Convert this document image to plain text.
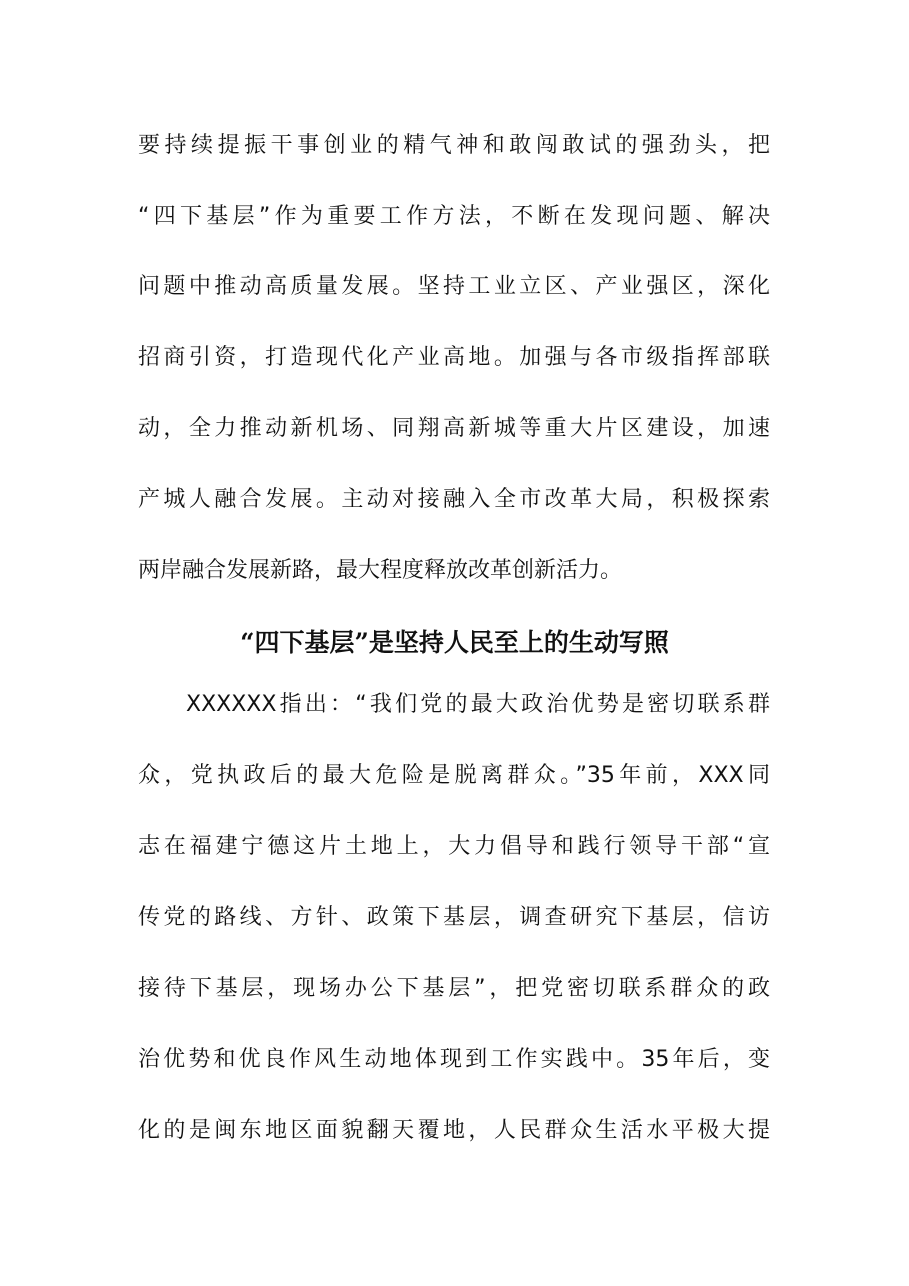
要持续提振干事创业的精气神和敢闯敢试的强劲头，把
“四下基层”作为重要工作方法，不断在发现问题、解决
问题中推动高质量发展。坚持工业立区、产业强区，深化
招商引资，打造现代化产业高地。加强与各市级指挥部联
动，全力推动新机场、同翔高新城等重大片区建设，加速
产城人融合发展。主动对接融入全市改革大局，积极探索
两岸融合发展新路，最大程度释放改革创新活力。
“四下基层”是坚持人民至上的生动写照
XXXXXX指出：“我们党的最大政治优势是密切联系群
众，党执政后的最大危险是脱离群众。”35年前，XXX同
志在福建宁德这片土地上，大力倡导和践行领导干部“宣
传党的路线、方针、政策下基层，调查研究下基层，信访
接待下基层，现场办公下基层”，把党密切联系群众的政
治优势和优良作风生动地体现到工作实践中。35年后，变
化的是闽东地区面貌翻天覆地，人民群众生活水平极大提
